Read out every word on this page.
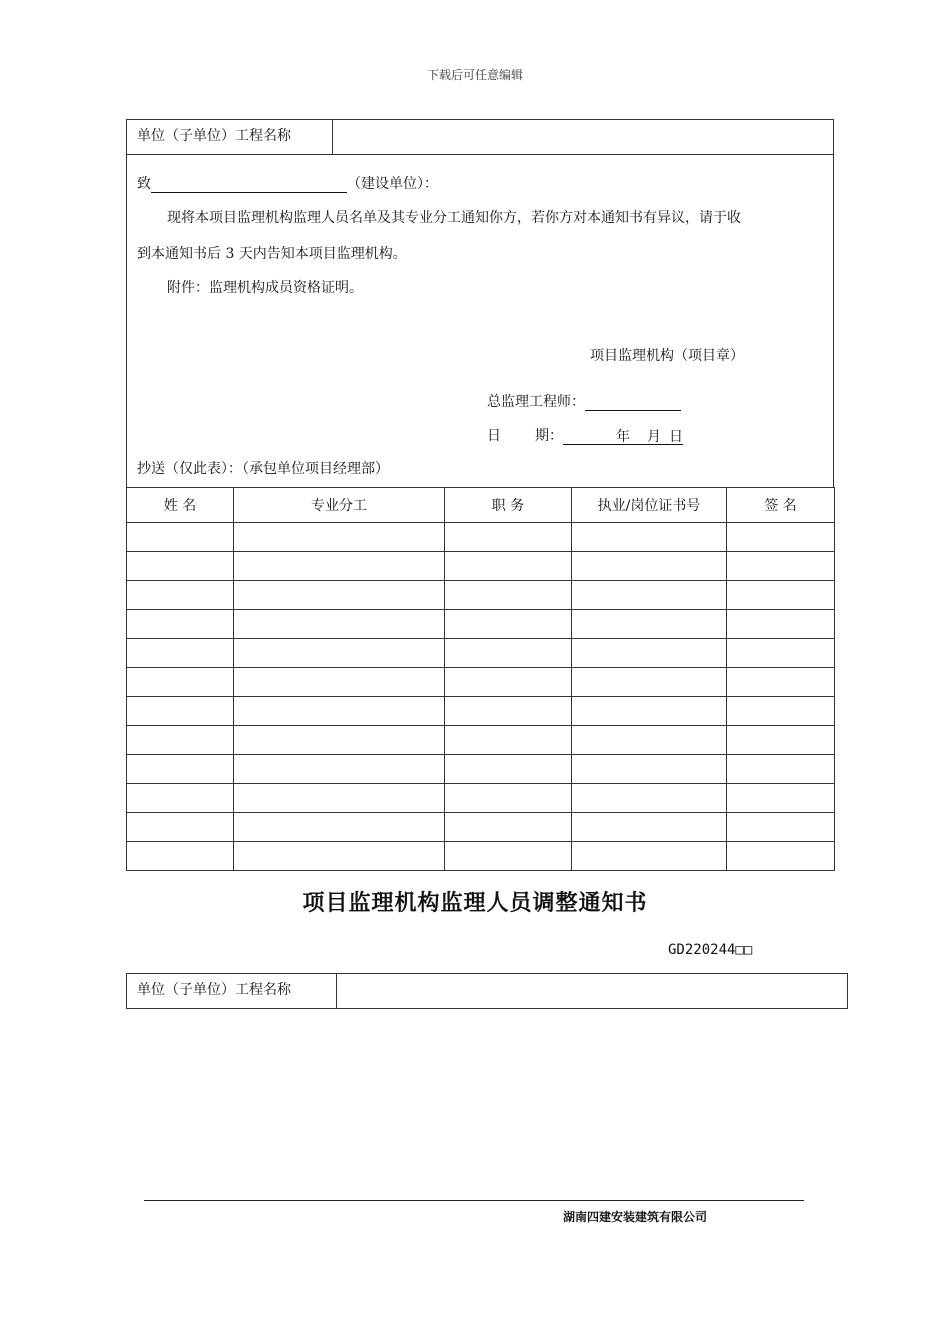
下载后可任意编辑
单位（子单位）工程名称
致	（建设单位）：
现将本项目监理机构监理人员名单及其专业分工通知你方，若你方对本通知书有异议，请于收
到本通知书后 3 天内告知本项目监理机构。
附件：监理机构成员资格证明。
项目监理机构（项目章）
总监理工程师：
日 期：	年 月 日
抄送（仅此表）：（承包单位项目经理部）
姓 名	专业分工	职 务	执业/岗位证书号	签 名

项目监理机构监理人员调整通知书
GD220244□□
单位（子单位）工程名称
湖南四建安装建筑有限公司
